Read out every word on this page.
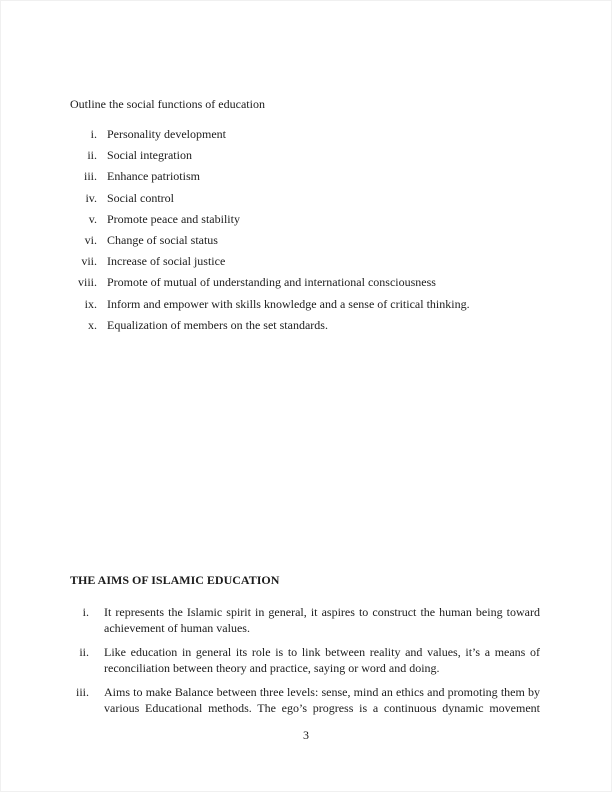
Outline the social functions of education

i. Personality development
ii. Social integration
iii. Enhance patriotism
iv. Social control
v. Promote peace and stability
vi. Change of social status
vii. Increase of social justice
viii. Promote of mutual of understanding and international consciousness
ix. Inform and empower with skills knowledge and a sense of critical thinking.
x. Equalization of members on the set standards.
THE AIMS OF ISLAMIC EDUCATION
i. It represents the Islamic spirit in general, it aspires to construct the human being toward
achievement of human values.
ii. Like education in general its role is to link between reality and values, it’s a means of
reconciliation between theory and practice, saying or word and doing.
iii. Aims to make Balance between three levels: sense, mind an ethics and promoting them by
various Educational methods. The ego’s progress is a continuous dynamic movement
3
